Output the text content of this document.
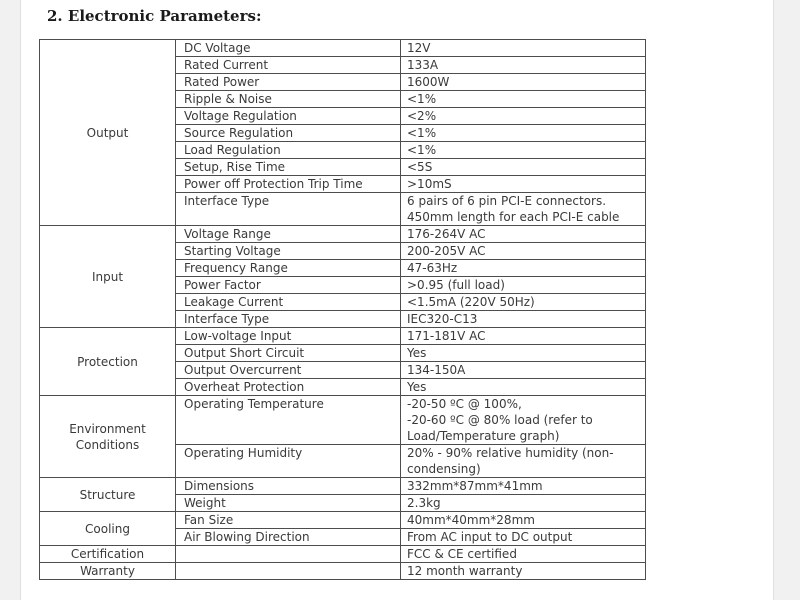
2. Electronic Parameters:
Output	DC Voltage	12V
	Rated Current	133A
	Rated Power	1600W
	Ripple & Noise	<1%
	Voltage Regulation	<2%
	Source Regulation	<1%
	Load Regulation	<1%
	Setup, Rise Time	<5S
	Power off Protection Trip Time	>10mS
	Interface Type	6 pairs of 6 pin PCI-E connectors.
450mm length for each PCI-E cable
Input	Voltage Range	176-264V AC
	Starting Voltage	200-205V AC
	Frequency Range	47-63Hz
	Power Factor	>0.95 (full load)
	Leakage Current	<1.5mA (220V 50Hz)
	Interface Type	IEC320-C13
Protection	Low-voltage Input	171-181V AC
	Output Short Circuit	Yes
	Output Overcurrent	134-150A
	Overheat Protection	Yes
Environment
Conditions	Operating Temperature	-20-50 ºC @ 100%,
-20-60 ºC @ 80% load (refer to
Load/Temperature graph)
	Operating Humidity	20% - 90% relative humidity (non-
condensing)
Structure	Dimensions	332mm*87mm*41mm
	Weight	2.3kg
Cooling	Fan Size	40mm*40mm*28mm
	Air Blowing Direction	From AC input to DC output
Certification		FCC & CE certified
Warranty		12 month warranty
